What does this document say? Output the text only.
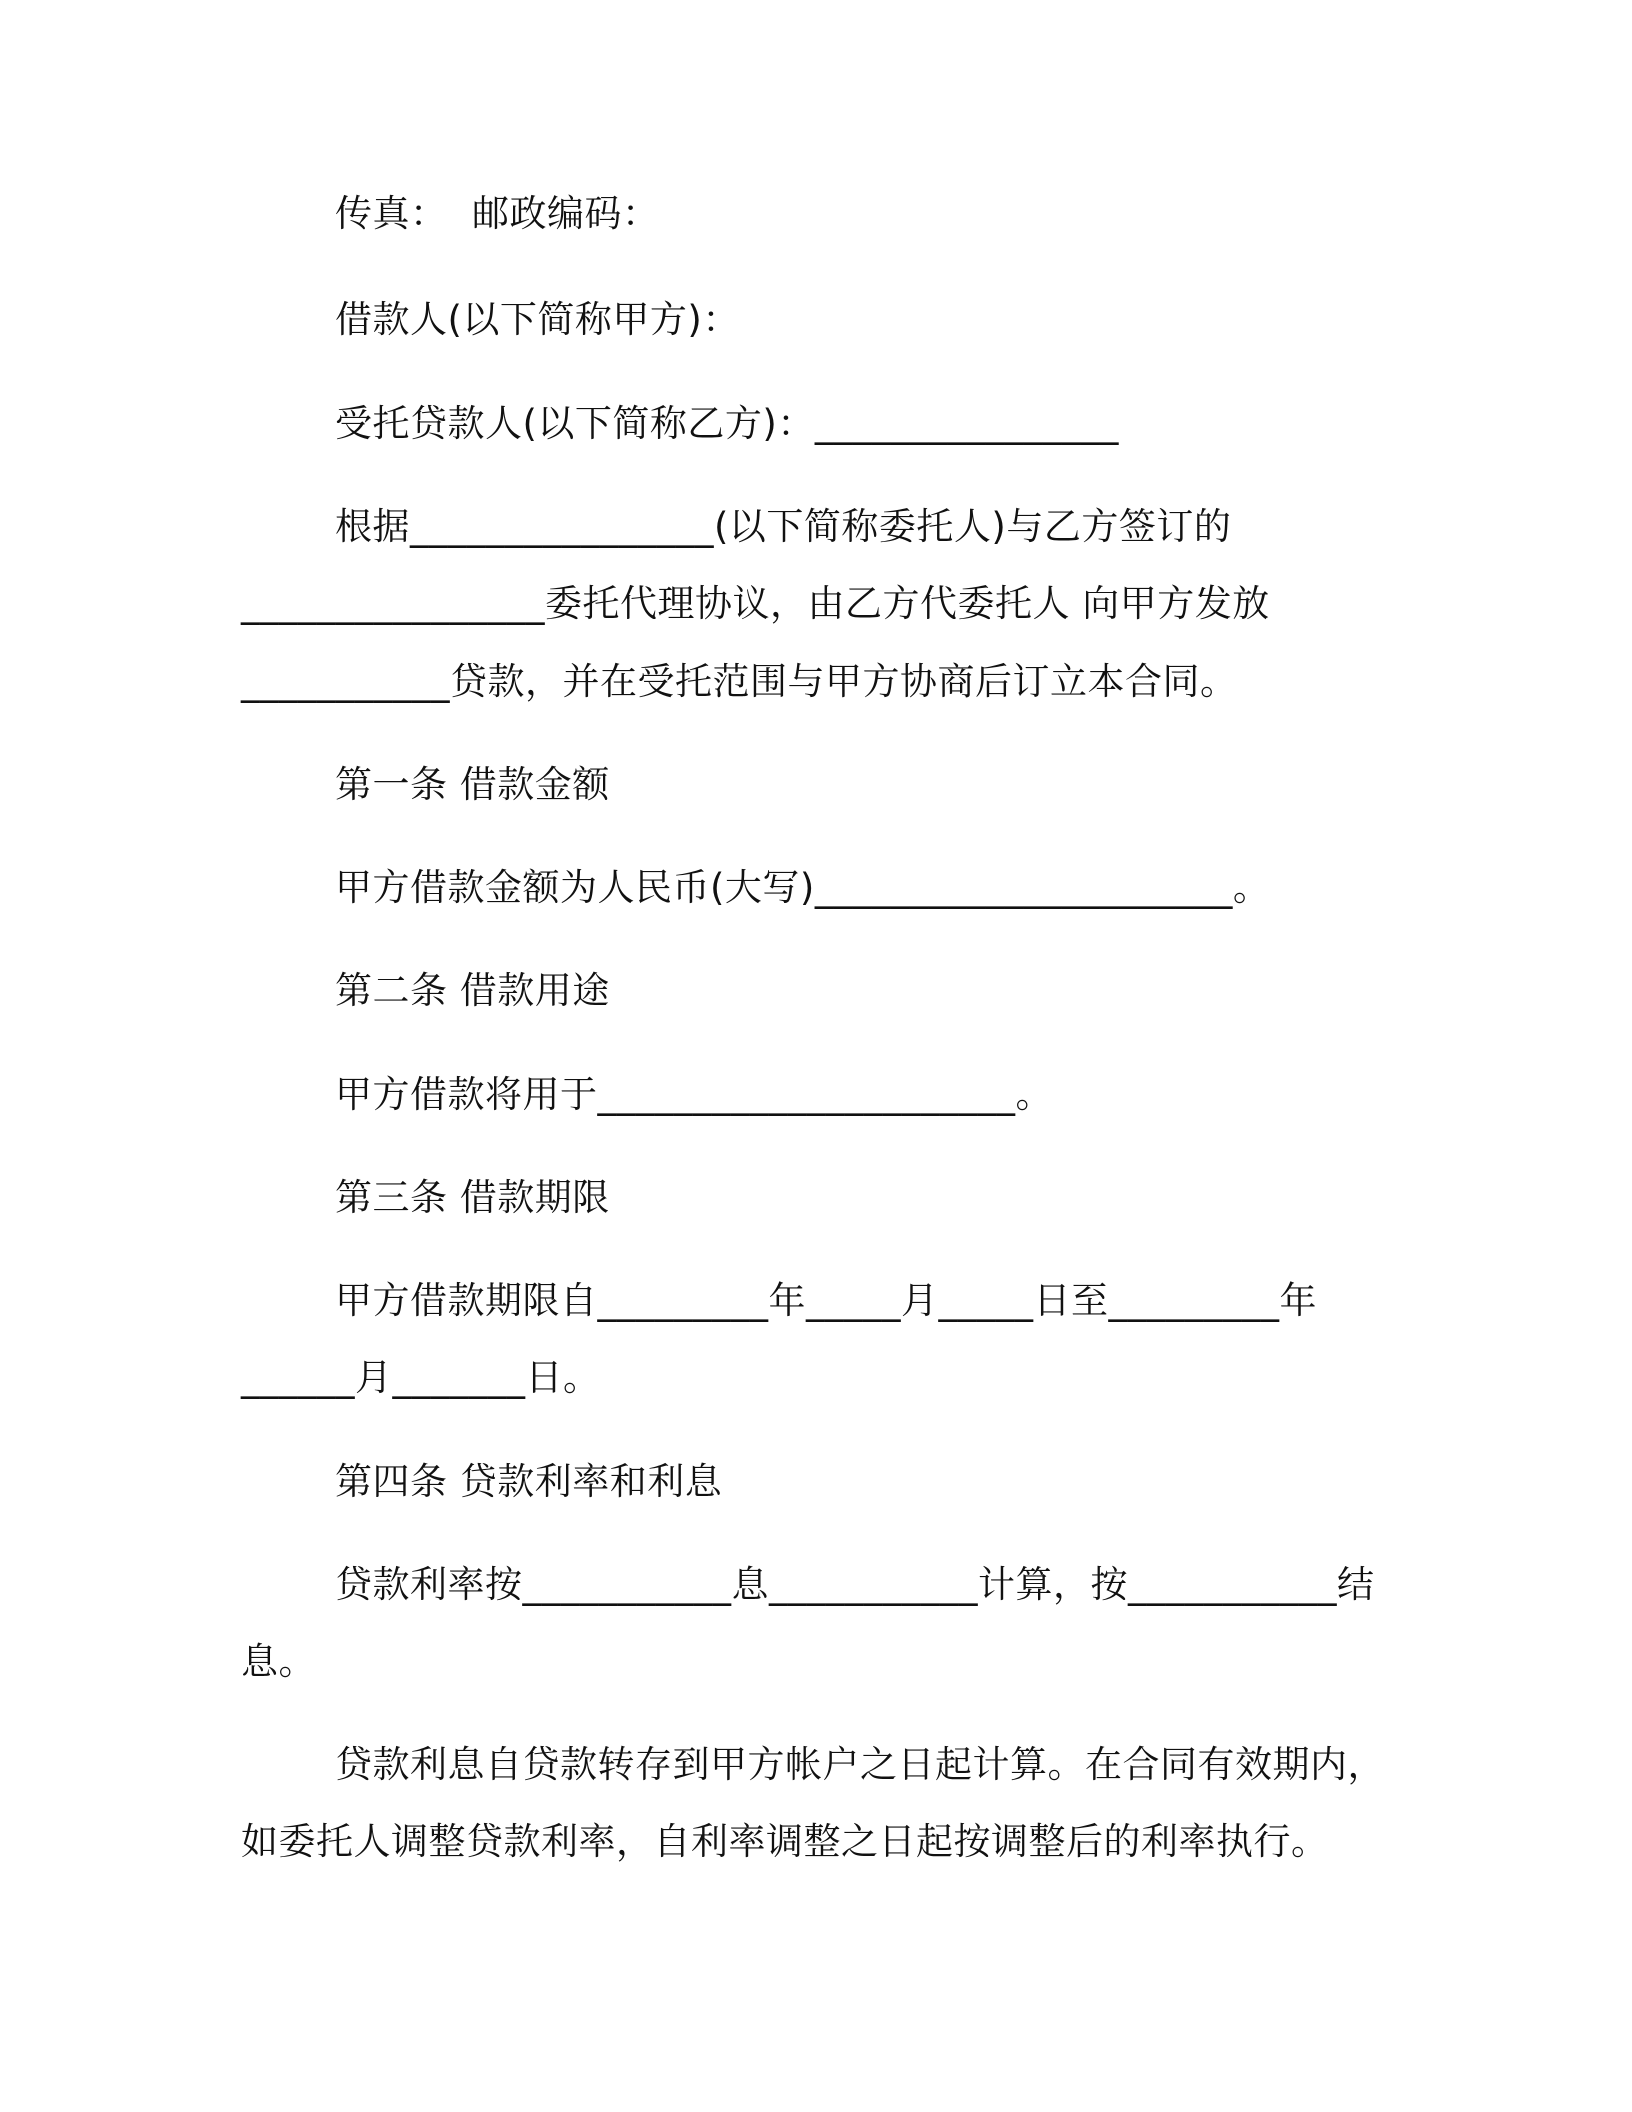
传真：  邮政编码：
借款人(以下简称甲方)：
受托贷款人(以下简称乙方)：________________
根据________________(以下简称委托人)与乙方签订的
________________委托代理协议，由乙方代委托人 向甲方发放
___________贷款，并在受托范围与甲方协商后订立本合同。
第一条 借款金额
甲方借款金额为人民币(大写)______________________。
第二条 借款用途
甲方借款将用于______________________。
第三条 借款期限
甲方借款期限自_________年_____月_____日至_________年
______月_______日。
第四条 贷款利率和利息
贷款利率按___________息___________计算，按___________结
息。
贷款利息自贷款转存到甲方帐户之日起计算。在合同有效期内，
如委托人调整贷款利率，自利率调整之日起按调整后的利率执行。
